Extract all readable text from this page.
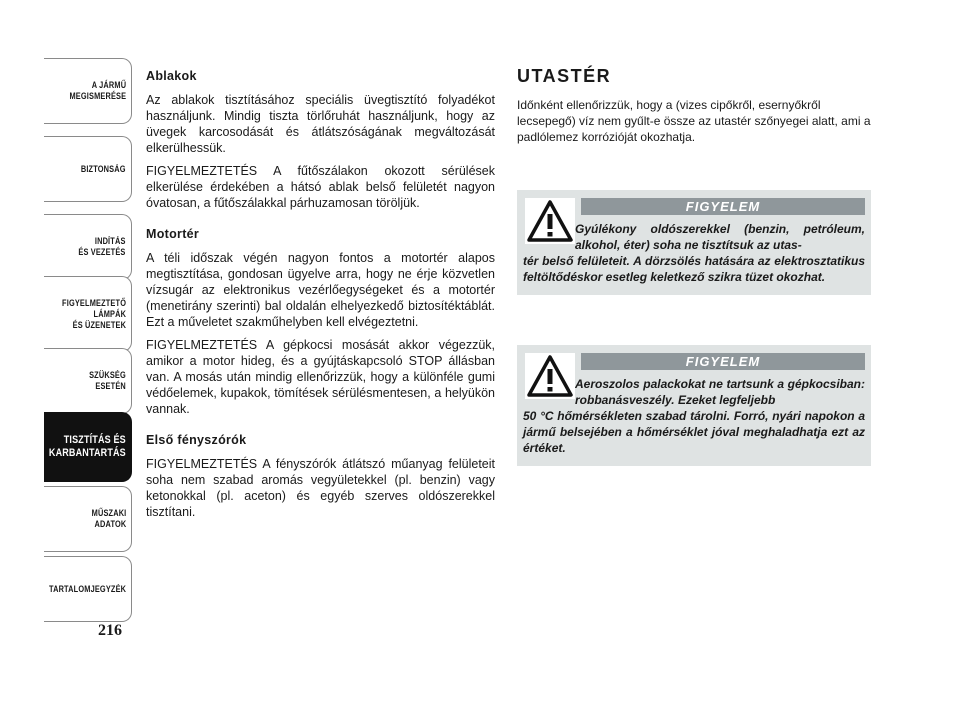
A JÁRMŰ
MEGISMERÉSE
BIZTONSÁG
INDÍTÁS
ÉS VEZETÉS
FIGYELMEZTETŐ
LÁMPÁK
ÉS ÜZENETEK
SZÜKSÉG
ESETÉN
TISZTÍTÁS ÉS
KARBANTARTÁS
MŰSZAKI
ADATOK
TARTALOMJEGYZÉK
216
Ablakok

Az ablakok tisztításához speciális üvegtisztító folyadékot használjunk. Mindig tiszta törlőruhát használjunk, hogy az üvegek karcosodását és átlátszóságának megváltozását elkerülhessük.

FIGYELMEZTETÉS A fűtőszálakon okozott sérülések elkerülése érdekében a hátsó ablak belső felületét nagyon óvatosan, a fűtőszálakkal párhuzamosan töröljük.

Motortér

A téli időszak végén nagyon fontos a motortér alapos megtisztítása, gondosan ügyelve arra, hogy ne érje közvetlen vízsugár az elektronikus vezérlőegységeket és a motortér (menetirány szerinti) bal oldalán elhelyezkedő biztosítéktáblát. Ezt a műveletet szakműhelyben kell elvégeztetni.

FIGYELMEZTETÉS A gépkocsi mosását akkor végezzük, amikor a motor hideg, és a gyújtáskapcsoló STOP állásban van. A mosás után mindig ellenőrizzük, hogy a különféle gumi védőelemek, kupakok, tömítések sérülésmentesen, a helyükön vannak.

Első fényszórók

FIGYELMEZTETÉS A fényszórók átlátszó műanyag felületeit soha nem szabad aromás vegyületekkel (pl. benzin) vagy ketonokkal (pl. aceton) és egyéb szerves oldószerekkel tisztítani.

UTASTÉR

Időnként ellenőrizzük, hogy a (vizes cipőkről, esernyőkről lecsepegő) víz nem gyűlt-e össze az utastér szőnyegei alatt, ami a padlólemez korrózióját okozhatja.

FIGYELEM
Gyúlékony oldószerekkel (benzin, petróleum, alkohol, éter) soha ne tisztítsuk az utas-
tér belső felületeit. A dörzsölés hatására az elektrosztatikus feltöltődéskor esetleg keletkező szikra tüzet okozhat.
FIGYELEM
Aeroszolos palackokat ne tartsunk a gépkocsiban: robbanásveszély. Ezeket legfeljebb
50 °C hőmérsékleten szabad tárolni. Forró, nyári napokon a jármű belsejében a hőmérséklet jóval meghaladhatja ezt az értéket.
